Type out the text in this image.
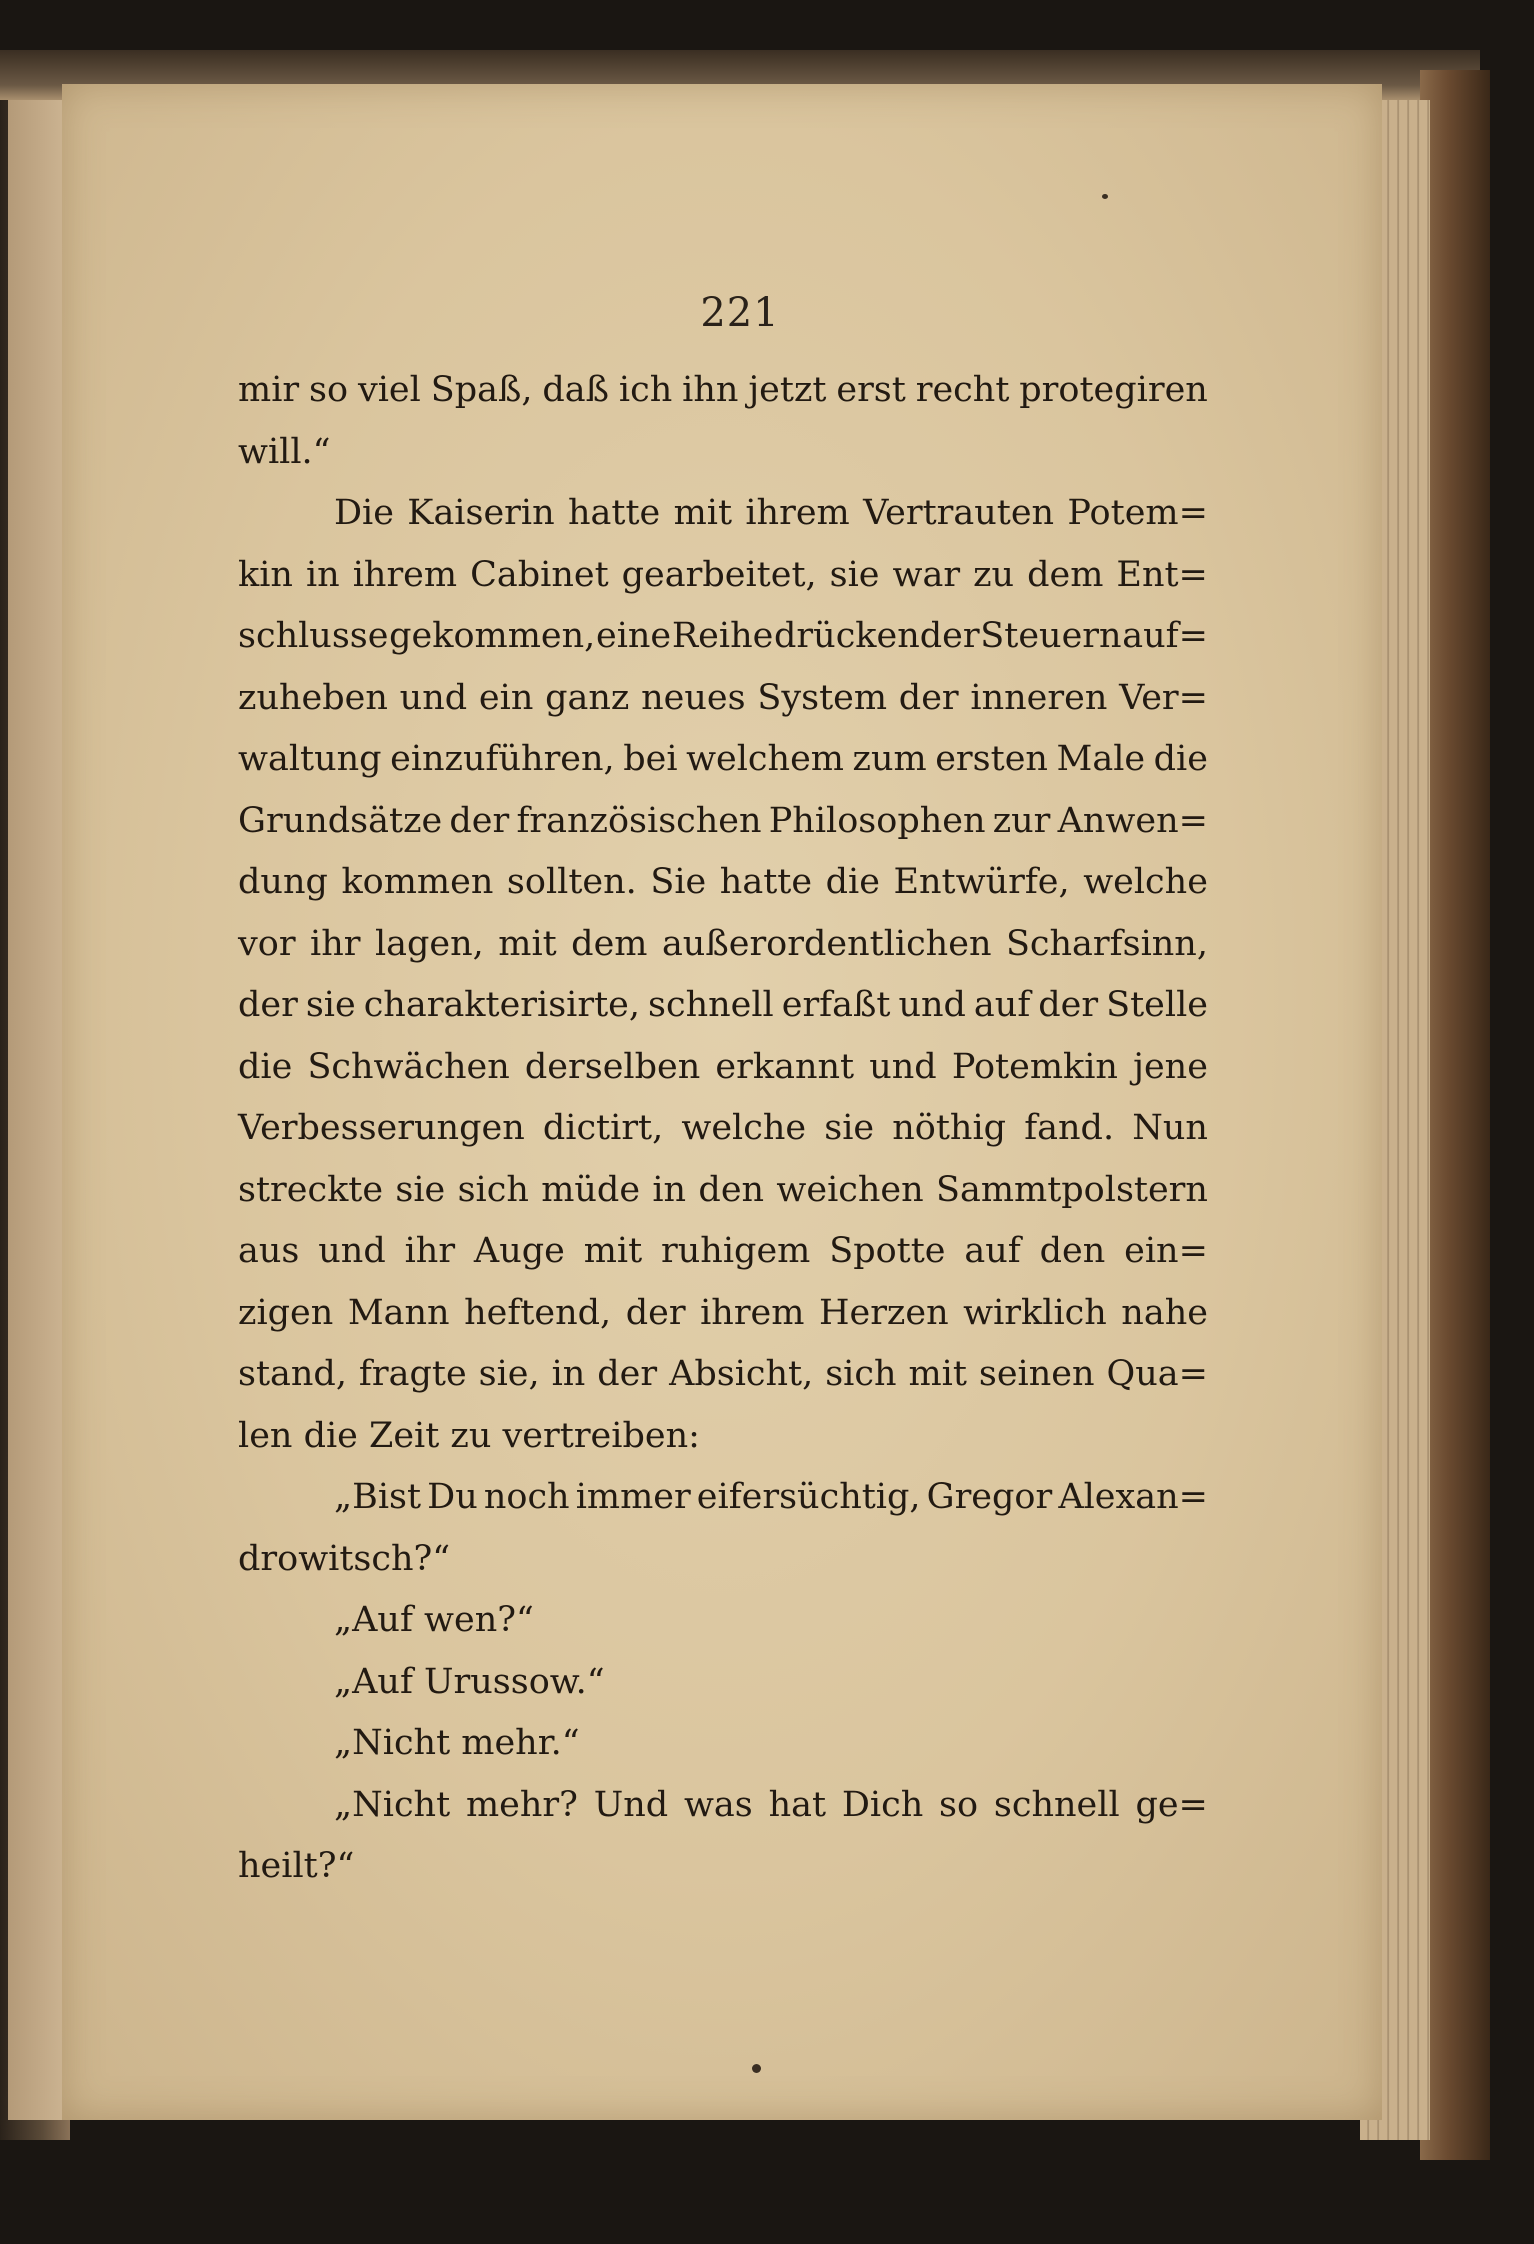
221
mir so viel Spaß, daß ich ihn jetzt erst recht protegiren
will.“
Die Kaiserin hatte mit ihrem Vertrauten Potem=
kin in ihrem Cabinet gearbeitet, sie war zu dem Ent=
schlusse gekommen, eine Reihe drückender Steuern auf=
zuheben und ein ganz neues System der inneren Ver=
waltung einzuführen, bei welchem zum ersten Male die
Grundsätze der französischen Philosophen zur Anwen=
dung kommen sollten. Sie hatte die Entwürfe, welche
vor ihr lagen, mit dem außerordentlichen Scharfsinn,
der sie charakterisirte, schnell erfaßt und auf der Stelle
die Schwächen derselben erkannt und Potemkin jene
Verbesserungen dictirt, welche sie nöthig fand. Nun
streckte sie sich müde in den weichen Sammtpolstern
aus und ihr Auge mit ruhigem Spotte auf den ein=
zigen Mann heftend, der ihrem Herzen wirklich nahe
stand, fragte sie, in der Absicht, sich mit seinen Qua=
len die Zeit zu vertreiben:
„Bist Du noch immer eifersüchtig, Gregor Alexan=
drowitsch?“
„Auf wen?“
„Auf Urussow.“
„Nicht mehr.“
„Nicht mehr? Und was hat Dich so schnell ge=
heilt?“
